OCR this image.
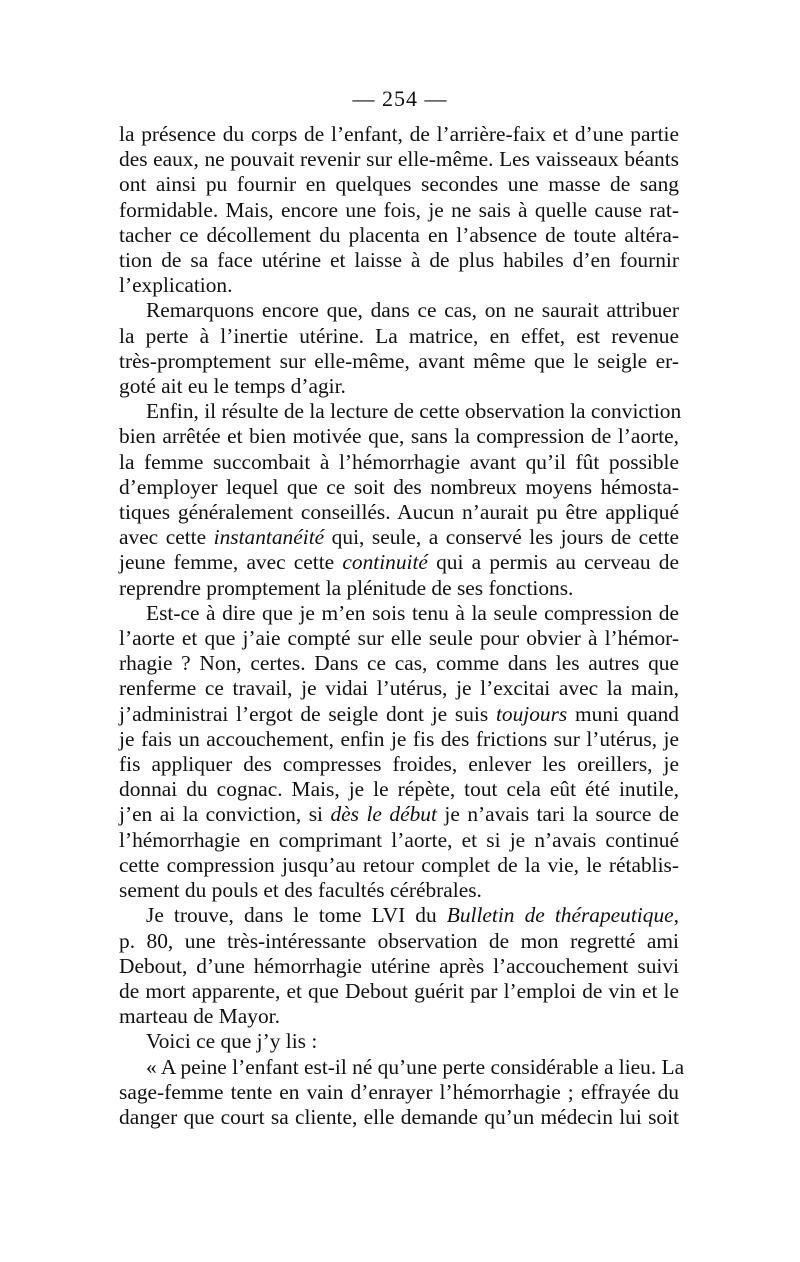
— 254 —
la présence du corps de l’enfant, de l’arrière-faix et d’une partie
des eaux, ne pouvait revenir sur elle-même. Les vaisseaux béants
ont ainsi pu fournir en quelques secondes une masse de sang
formidable. Mais, encore une fois, je ne sais à quelle cause rat-
tacher ce décollement du placenta en l’absence de toute altéra-
tion de sa face utérine et laisse à de plus habiles d’en fournir
l’explication.
Remarquons encore que, dans ce cas, on ne saurait attribuer
la perte à l’inertie utérine. La matrice, en effet, est revenue
très-promptement sur elle-même, avant même que le seigle er-
goté ait eu le temps d’agir.
Enfin, il résulte de la lecture de cette observation la conviction
bien arrêtée et bien motivée que, sans la compression de l’aorte,
la femme succombait à l’hémorrhagie avant qu’il fût possible
d’employer lequel que ce soit des nombreux moyens hémosta-
tiques généralement conseillés. Aucun n’aurait pu être appliqué
avec cette instantanéité qui, seule, a conservé les jours de cette
jeune femme, avec cette continuité qui a permis au cerveau de
reprendre promptement la plénitude de ses fonctions.
Est-ce à dire que je m’en sois tenu à la seule compression de
l’aorte et que j’aie compté sur elle seule pour obvier à l’hémor-
rhagie ? Non, certes. Dans ce cas, comme dans les autres que
renferme ce travail, je vidai l’utérus, je l’excitai avec la main,
j’administrai l’ergot de seigle dont je suis toujours muni quand
je fais un accouchement, enfin je fis des frictions sur l’utérus, je
fis appliquer des compresses froides, enlever les oreillers, je
donnai du cognac. Mais, je le répète, tout cela eût été inutile,
j’en ai la conviction, si dès le début je n’avais tari la source de
l’hémorrhagie en comprimant l’aorte, et si je n’avais continué
cette compression jusqu’au retour complet de la vie, le rétablis-
sement du pouls et des facultés cérébrales.
Je trouve, dans le tome LVI du Bulletin de thérapeutique,
p. 80, une très-intéressante observation de mon regretté ami
Debout, d’une hémorrhagie utérine après l’accouchement suivi
de mort apparente, et que Debout guérit par l’emploi de vin et le
marteau de Mayor.
Voici ce que j’y lis :
« A peine l’enfant est-il né qu’une perte considérable a lieu. La
sage-femme tente en vain d’enrayer l’hémorrhagie ; effrayée du
danger que court sa cliente, elle demande qu’un médecin lui soit
